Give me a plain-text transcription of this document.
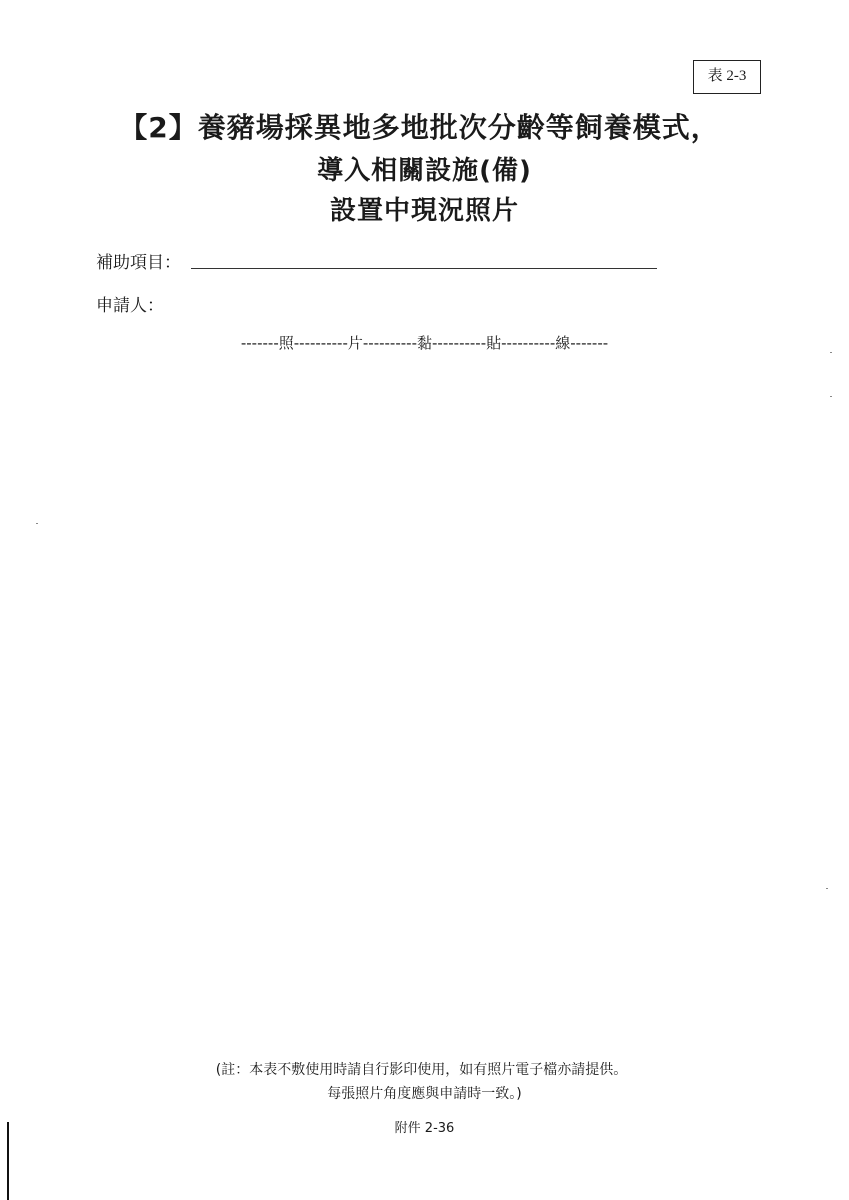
表 2-3
【2】養豬場採異地多地批次分齡等飼養模式，
導入相關設施(備)
設置中現況照片
補助項目：
申請人：
-------照----------片----------黏----------貼----------線-------
(註：本表不敷使用時請自行影印使用，如有照片電子檔亦請提供。
每張照片角度應與申請時一致。)
附件 2-36
